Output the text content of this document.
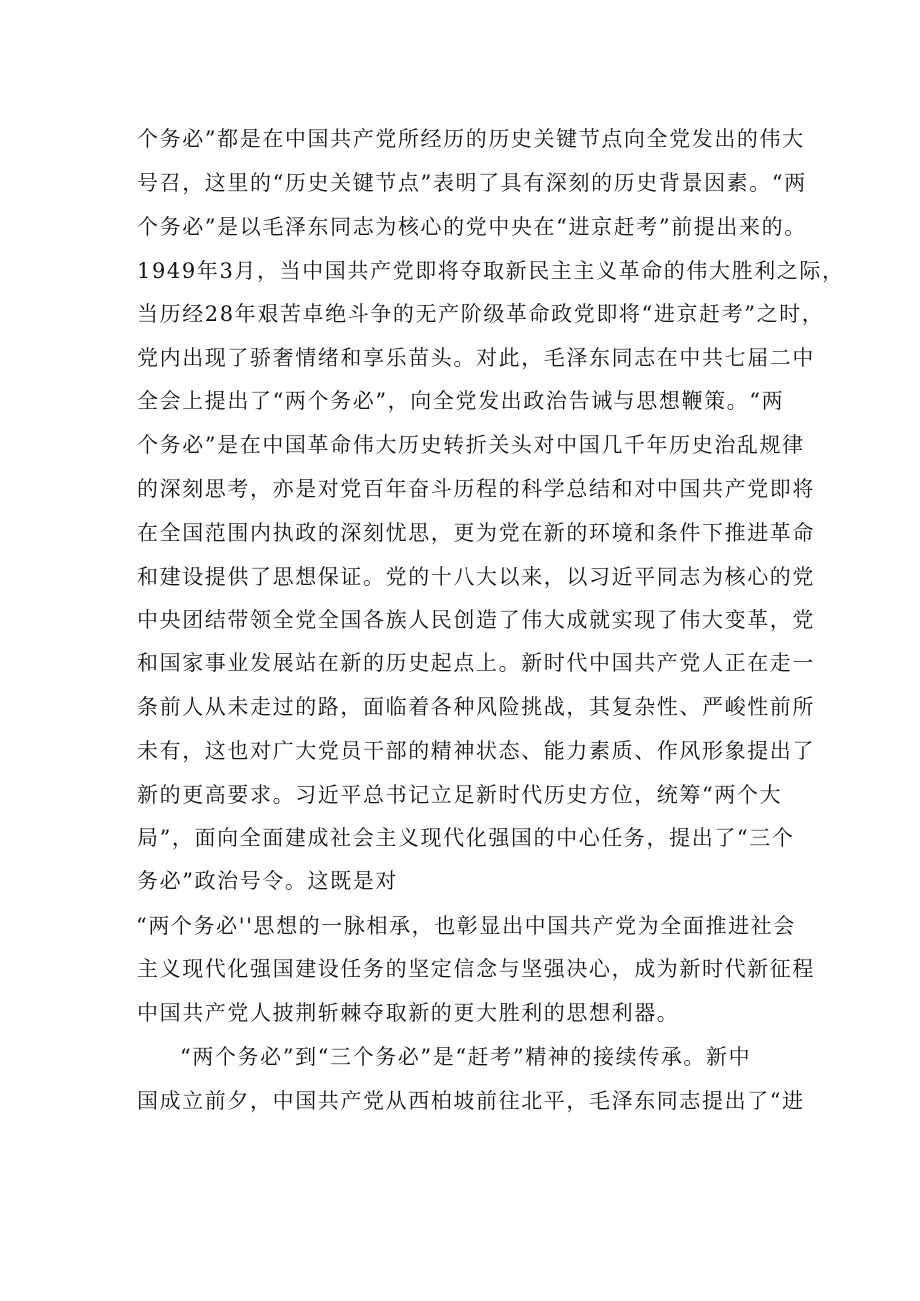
个务必”都是在中国共产党所经历的历史关键节点向全党发出的伟大
号召，这里的“历史关键节点”表明了具有深刻的历史背景因素。“两
个务必”是以毛泽东同志为核心的党中央在“进京赶考”前提出来的。
1949年3月，当中国共产党即将夺取新民主主义革命的伟大胜利之际，
当历经28年艰苦卓绝斗争的无产阶级革命政党即将“进京赶考”之时，
党内出现了骄奢情绪和享乐苗头。对此，毛泽东同志在中共七届二中
全会上提出了“两个务必”，向全党发出政治告诫与思想鞭策。“两
个务必”是在中国革命伟大历史转折关头对中国几千年历史治乱规律
的深刻思考，亦是对党百年奋斗历程的科学总结和对中国共产党即将
在全国范围内执政的深刻忧思，更为党在新的环境和条件下推进革命
和建设提供了思想保证。党的十八大以来，以习近平同志为核心的党
中央团结带领全党全国各族人民创造了伟大成就实现了伟大变革，党
和国家事业发展站在新的历史起点上。新时代中国共产党人正在走一
条前人从未走过的路，面临着各种风险挑战，其复杂性、严峻性前所
未有，这也对广大党员干部的精神状态、能力素质、作风形象提出了
新的更高要求。习近平总书记立足新时代历史方位，统筹“两个大
局”，面向全面建成社会主义现代化强国的中心任务，提出了“三个
务必”政治号令。这既是对
“两个务必''思想的一脉相承，也彰显出中国共产党为全面推进社会
主义现代化强国建设任务的坚定信念与坚强决心，成为新时代新征程
中国共产党人披荆斩棘夺取新的更大胜利的思想利器。
“两个务必”到“三个务必”是“赶考”精神的接续传承。新中
国成立前夕，中国共产党从西柏坡前往北平，毛泽东同志提出了“进
